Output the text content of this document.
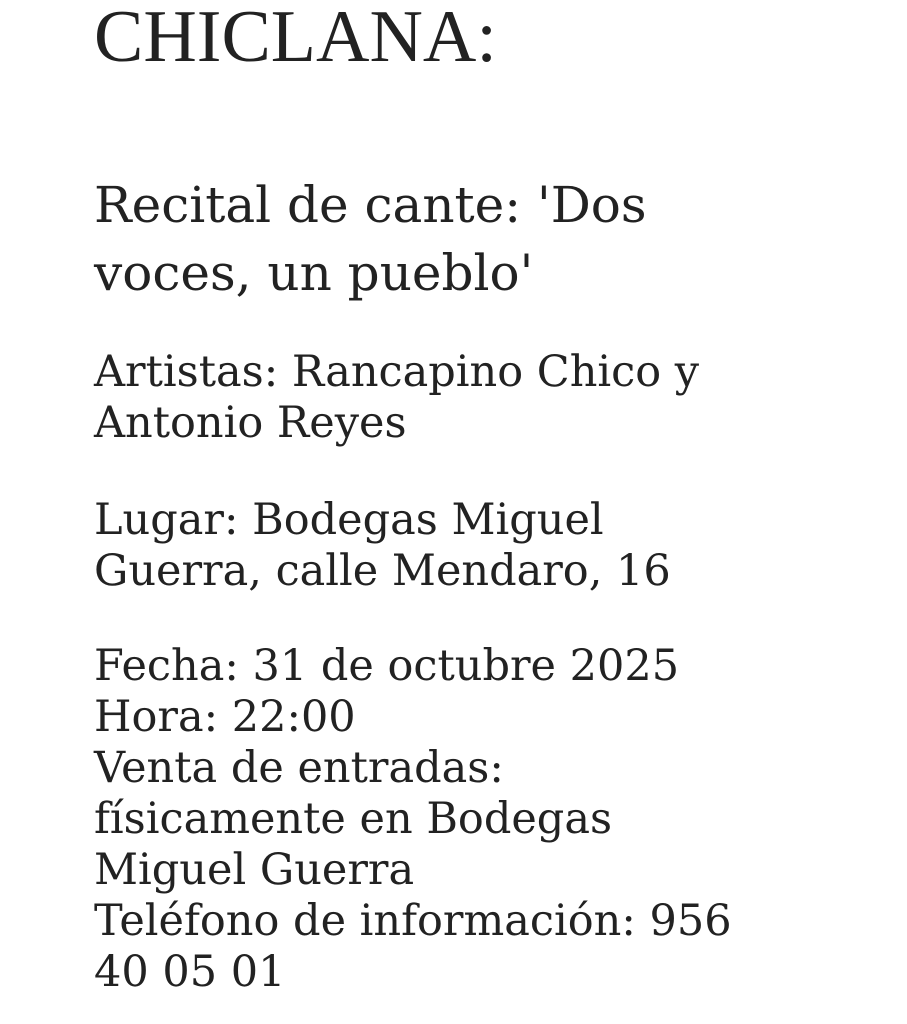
CHICLANA:
Recital de cante: 'Dos
voces, un pueblo'

Artistas: Rancapino Chico y
Antonio Reyes

Lugar: Bodegas Miguel
Guerra, calle Mendaro, 16

Fecha: 31 de octubre 2025
Hora: 22:00
Venta de entradas:
físicamente en Bodegas
Miguel Guerra
Teléfono de información: 956
40 05 01
